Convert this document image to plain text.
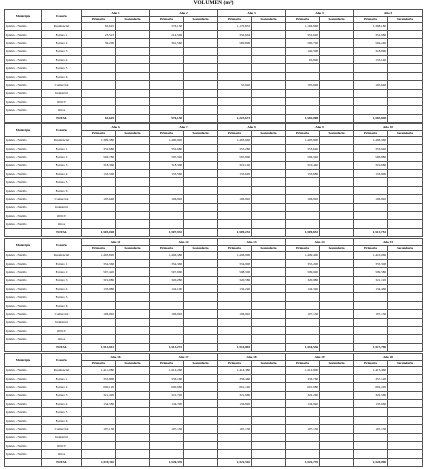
VOLUMEN (m³)
Municipio	Usuario	Año 1		Año 2		Año 3		Año 4		Año 5	
		Primaria	Secundaria	Primaria	Secundaria	Primaria	Secundaria	Primaria	Secundaria	Primaria	Secundaria
Ipiales - Nariño	Residencial	62,625		576,138		1,170,833		1,194,868		1,398,180	
Ipiales - Nariño	Estrato 1	23,523		214,596		350,604		352,620		352,080	
Ipiales - Nariño	Estrato 2	39,200		361,560		590,806		590,700		594,240	
Ipiales - Nariño	Estrato 3							140,308		318,960	
Ipiales - Nariño	Estrato 4							93,800		133,140	
Ipiales - Nariño	Estrato 5										
Ipiales - Nariño	Estrato 6										
Ipiales - Nariño	Comercial					53,920		105,648		105,648	
Ipiales - Nariño	Industrial										
Ipiales - Nariño	ONCV										
Ipiales - Nariño	Otros										
	TOTAL	62,625		576,138		1,223,673		1,502,008		1,503,828	
Municipio	Usuario	Año 6		Año 7		Año 8		Año 9		Año 10	
		Primaria	Secundaria	Primaria	Secundaria	Primaria	Secundaria	Primaria	Secundaria	Primaria	Secundaria
Ipiales - Nariño	Residencial	1,399,380		1,400,940		1,403,940		1,403,800		1,406,360	
Ipiales - Nariño	Estrato 1	352,680		352,980		353,280		353,640		353,940	
Ipiales - Nariño	Estrato 2	594,780		595,320		595,800		596,340		596,880	
Ipiales - Nariño	Estrato 3	318,360		318,360		319,140		319,440		319,680	
Ipiales - Nariño	Estrato 4	133,560		133,560		133,620		133,680		133,800	
Ipiales - Nariño	Estrato 5										
Ipiales - Nariño	Estrato 6										
Ipiales - Nariño	Comercial	105,648		106,992		106,992		106,992		106,992	
Ipiales - Nariño	Industrial										
Ipiales - Nariño	ONCV										
Ipiales - Nariño	Otros										
	TOTAL	1,503,028		1,507,932		1,509,232		1,509,852		1,513,752	
Municipio	Usuario	Año 11		Año 12		Año 13		Año 14		Año 15	
		Primaria	Secundaria	Primaria	Secundaria	Primaria	Secundaria	Primaria	Secundaria	Primaria	Secundaria
Ipiales - Nariño	Residencial	1,403,820		1,406,380		1,406,900		1,409,400		1,410,060	
Ipiales - Nariño	Estrato 1	354,360		354,360		354,900		355,200		355,500	
Ipiales - Nariño	Estrato 2	597,420		597,960		598,500		599,040		599,580	
Ipiales - Nariño	Estrato 3	319,980		320,280		320,580		320,880		321,120	
Ipiales - Nariño	Estrato 4	133,980		134,100		134,220		134,340		134,460	
Ipiales - Nariño	Estrato 5										
Ipiales - Nariño	Estrato 6										
Ipiales - Nariño	Comercial	106,992		106,992		106,992		107,136		107,136	
Ipiales - Nariño	Industrial										
Ipiales - Nariño	ONCV										
Ipiales - Nariño	Otros										
	TOTAL	1,513,812		1,513,272		1,514,892		1,516,536		1,517,796	
Municipio	Usuario	Año 16		Año 17		Año 18		Año 19		Año 20	
		Primaria	Secundaria	Primaria	Secundaria	Primaria	Secundaria	Primaria	Secundaria	Primaria	Secundaria
Ipiales - Nariño	Residencial	1,411,980		1,414,260		1,414,380		1,414,800		1,415,460	
Ipiales - Nariño	Estrato 1	355,800		356,160		356,460		356,760		357,120	
Ipiales - Nariño	Estrato 2	600,120		600,660		601,140		601,680		602,220	
Ipiales - Nariño	Estrato 3	321,420		321,720		321,960		322,260		322,560	
Ipiales - Nariño	Estrato 4	134,580		134,700		134,820		134,940		135,060	
Ipiales - Nariño	Estrato 5										
Ipiales - Nariño	Estrato 6										
Ipiales - Nariño	Comercial	107,136		107,136		107,136		107,136		107,136	
Ipiales - Nariño	Industrial										
Ipiales - Nariño	ONCV										
Ipiales - Nariño	Otros										
	TOTAL	1,519,116		1,520,376		1,521,516		1,522,776		1,524,096	
